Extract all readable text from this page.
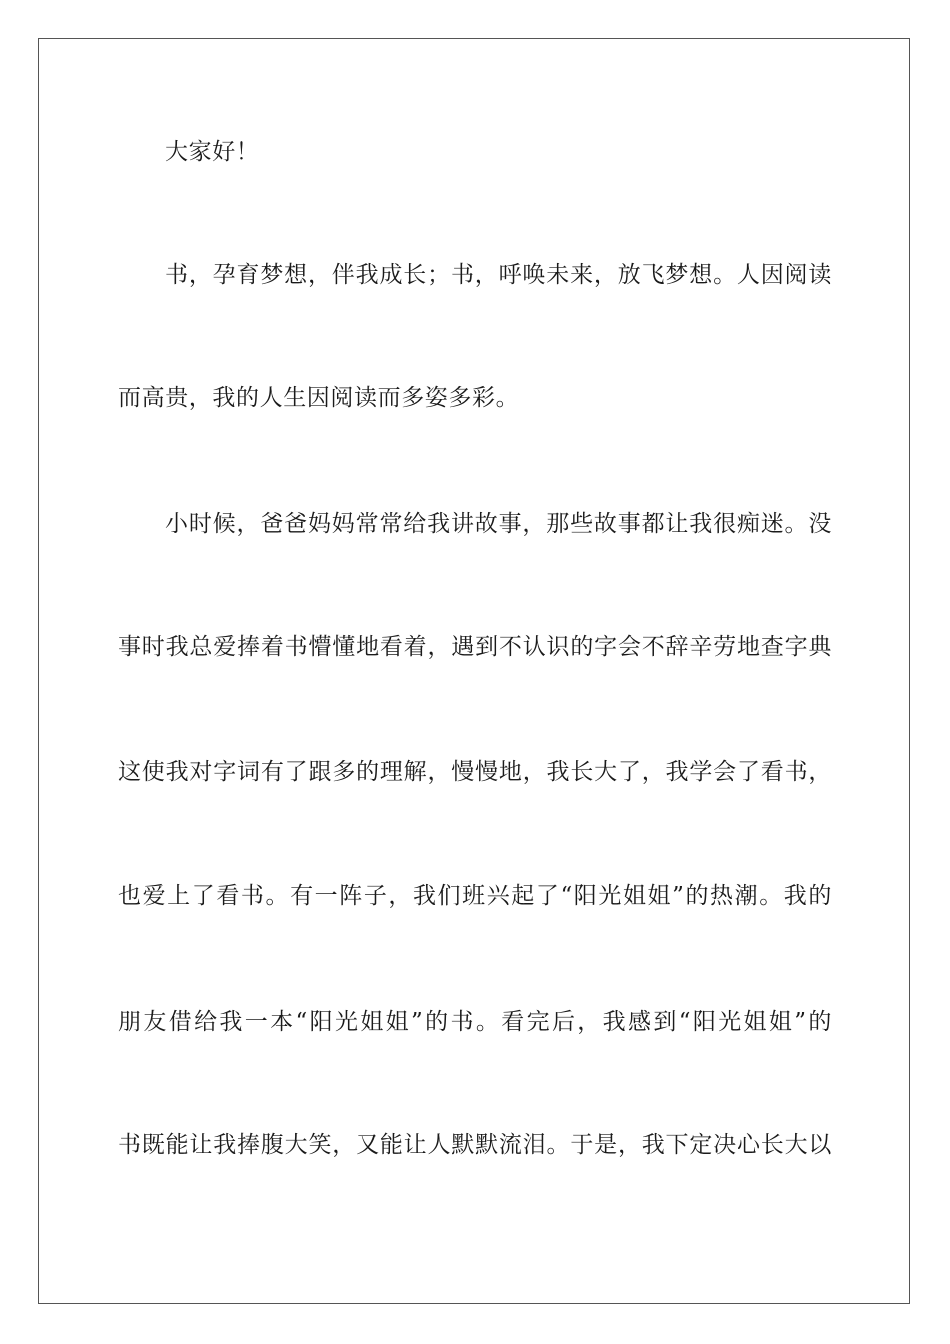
大家好！
书，孕育梦想，伴我成长；书，呼唤未来，放飞梦想。人因阅读
而高贵，我的人生因阅读而多姿多彩。
小时候，爸爸妈妈常常给我讲故事，那些故事都让我很痴迷。没
事时我总爱捧着书懵懂地看着，遇到不认识的字会不辞辛劳地查字典
这使我对字词有了跟多的理解，慢慢地，我长大了，我学会了看书，
也爱上了看书。有一阵子，我们班兴起了“阳光姐姐”的热潮。我的
朋友借给我一本“阳光姐姐”的书。看完后，我感到“阳光姐姐”的
书既能让我捧腹大笑，又能让人默默流泪。于是，我下定决心长大以
